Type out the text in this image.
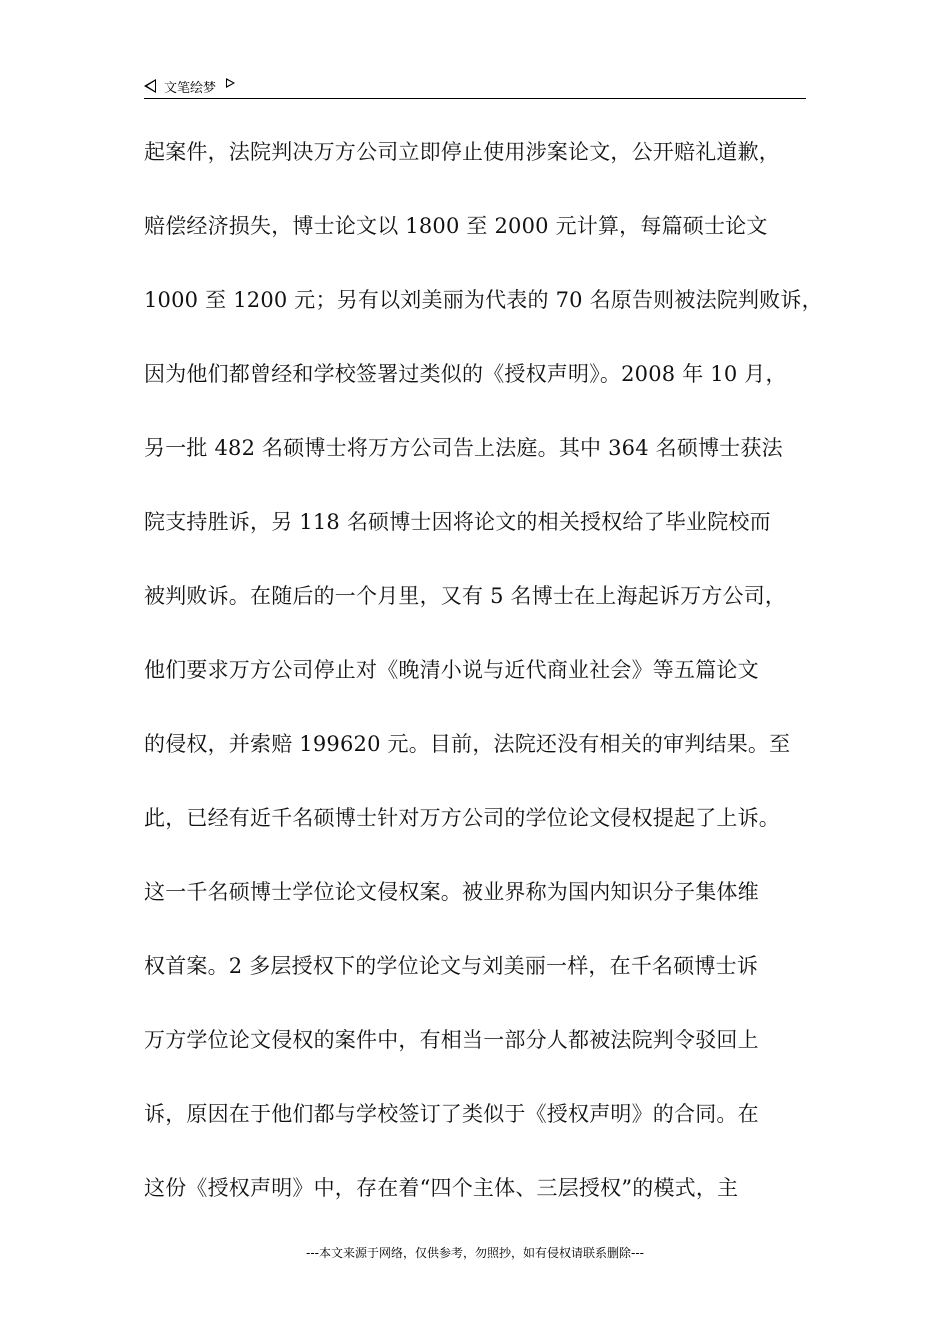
文笔绘梦
起案件，法院判决万方公司立即停止使用涉案论文，公开赔礼道歉，
赔偿经济损失，博士论文以 1800 至 2000 元计算，每篇硕士论文
1000 至 1200 元；另有以刘美丽为代表的 70 名原告则被法院判败诉，
因为他们都曾经和学校签署过类似的《授权声明》。2008 年 10 月，
另一批 482 名硕博士将万方公司告上法庭。其中 364 名硕博士获法
院支持胜诉，另 118 名硕博士因将论文的相关授权给了毕业院校而
被判败诉。在随后的一个月里，又有 5 名博士在上海起诉万方公司，
他们要求万方公司停止对《晚清小说与近代商业社会》等五篇论文
的侵权，并索赔 199620 元。目前，法院还没有相关的审判结果。至
此，已经有近千名硕博士针对万方公司的学位论文侵权提起了上诉。
这一千名硕博士学位论文侵权案。被业界称为国内知识分子集体维
权首案。2 多层授权下的学位论文与刘美丽一样，在千名硕博士诉
万方学位论文侵权的案件中，有相当一部分人都被法院判令驳回上
诉，原因在于他们都与学校签订了类似于《授权声明》的合同。在
这份《授权声明》中，存在着“四个主体、三层授权”的模式，主
---本文来源于网络，仅供参考，勿照抄，如有侵权请联系删除---
